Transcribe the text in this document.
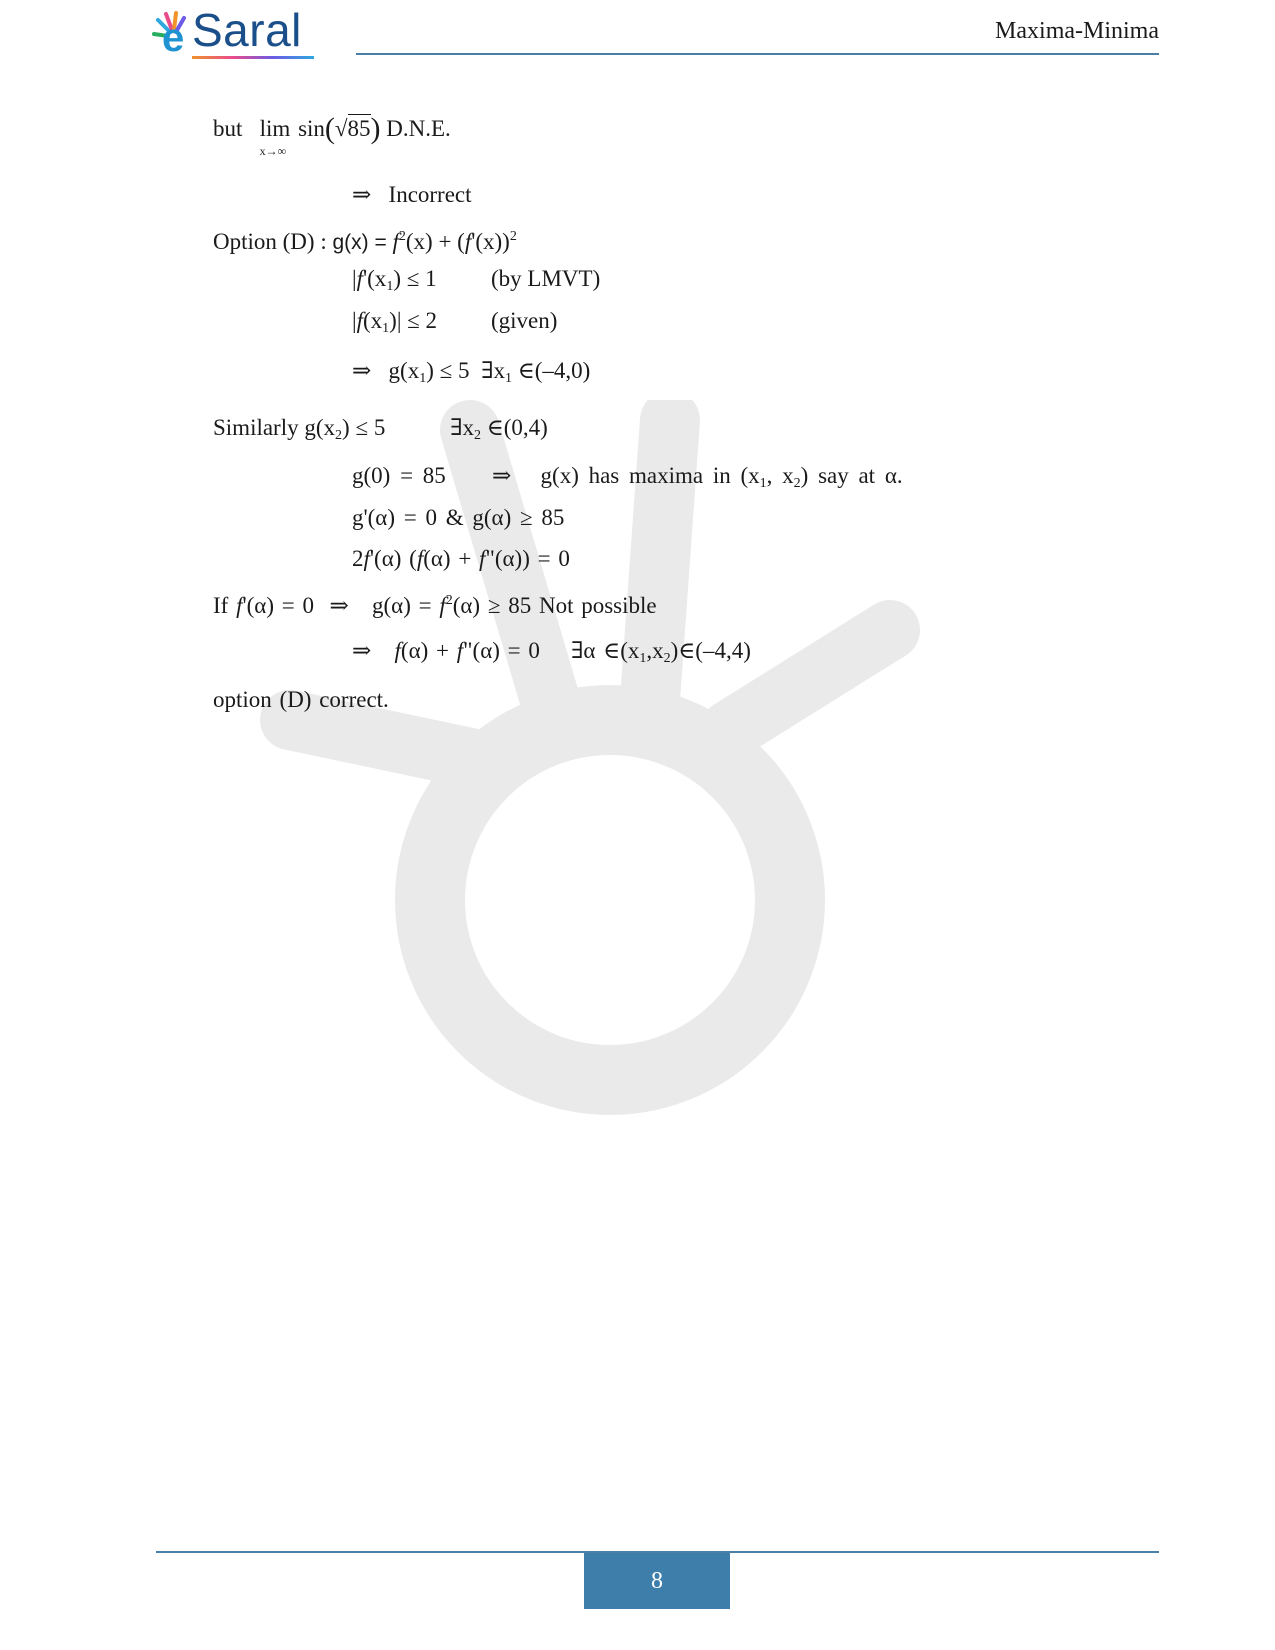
e Saral	Maxima-Minima
but lim
x→∞
sin(√85) D.N.E.
⇒ Incorrect
Option (D) : $g(x) = f^2(x) + (f'(x))^2$
$|f'(x_1) \le 1$ (by LMVT)
$|f(x_1)| \le 2$ (given)
⇒ $g(x_1) \le 5$ $\exists x_1$ ∈(–4,0)
Similarly $g(x_2) \le 5$	$\exists x_2$ ∈(0,4)
g(0) = 85 ⇒ g(x) has maxima in ($x_1$, $x_2$) say at α.
g'(α) = 0 & g(α) ≥ 85
2f'(α) (f(α) + f"(α)) = 0
If f'(α) = 0 ⇒ $g(\alpha) = f^2(\alpha) \ge 85$ Not possible
⇒ f(α) + f"(α) = 0 ∃α $\in(x_1,x_2)\in(-4,4)$
option (D) correct.
8
